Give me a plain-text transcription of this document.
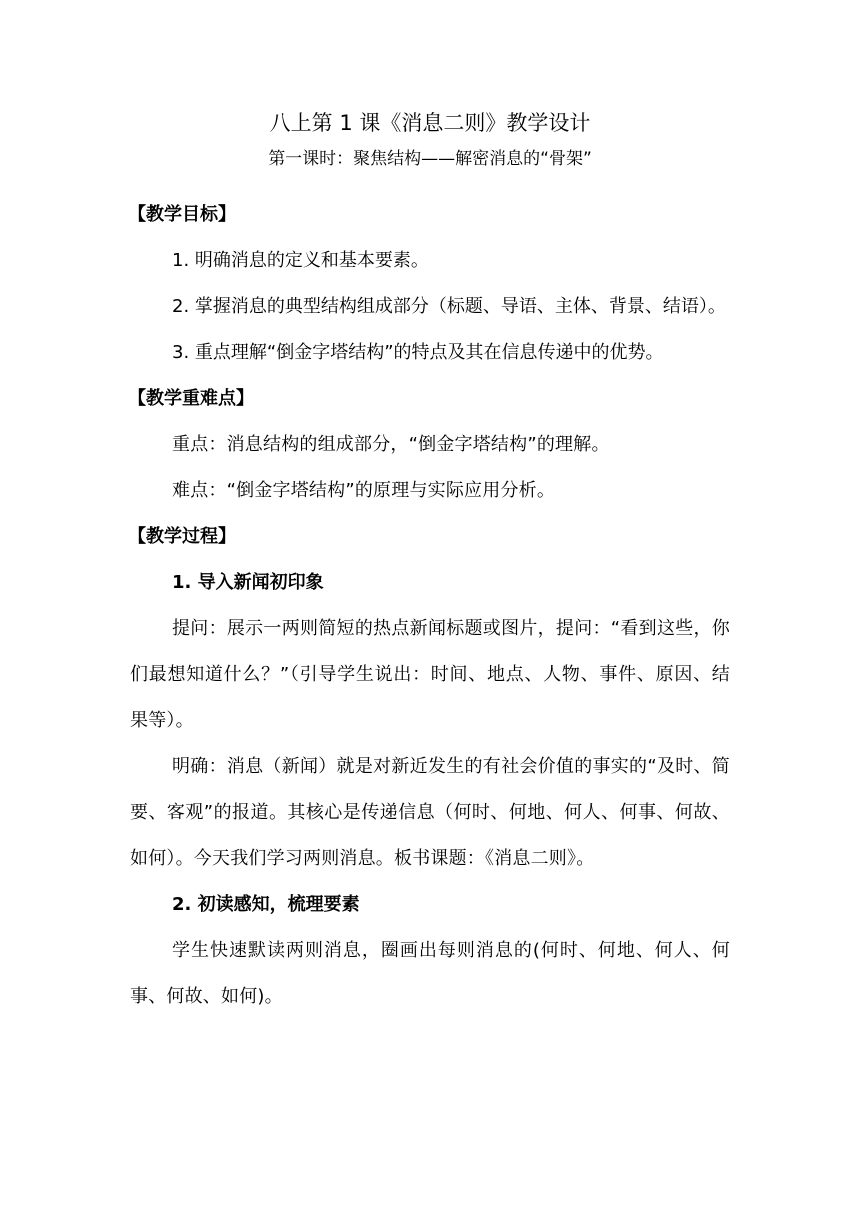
八上第 1 课《消息二则》教学设计
第一课时：聚焦结构——解密消息的“骨架”
【教学目标】

1. 明确消息的定义和基本要素。

2. 掌握消息的典型结构组成部分（标题、导语、主体、背景、结语）。

3. 重点理解“倒金字塔结构”的特点及其在信息传递中的优势。

【教学重难点】

重点：消息结构的组成部分，“倒金字塔结构”的理解。

难点：“倒金字塔结构”的原理与实际应用分析。

【教学过程】

1. 导入新闻初印象

提问：展示一两则简短的热点新闻标题或图片，提问：“看到这些，你们最想知道什么？”（引导学生说出：时间、地点、人物、事件、原因、结果等）。

明确：消息（新闻）就是对新近发生的有社会价值的事实的“及时、简要、客观”的报道。其核心是传递信息（何时、何地、何人、何事、何故、如何）。今天我们学习两则消息。板书课题：《消息二则》。

2. 初读感知，梳理要素

学生快速默读两则消息，圈画出每则消息的(何时、何地、何人、何事、何故、如何)。
